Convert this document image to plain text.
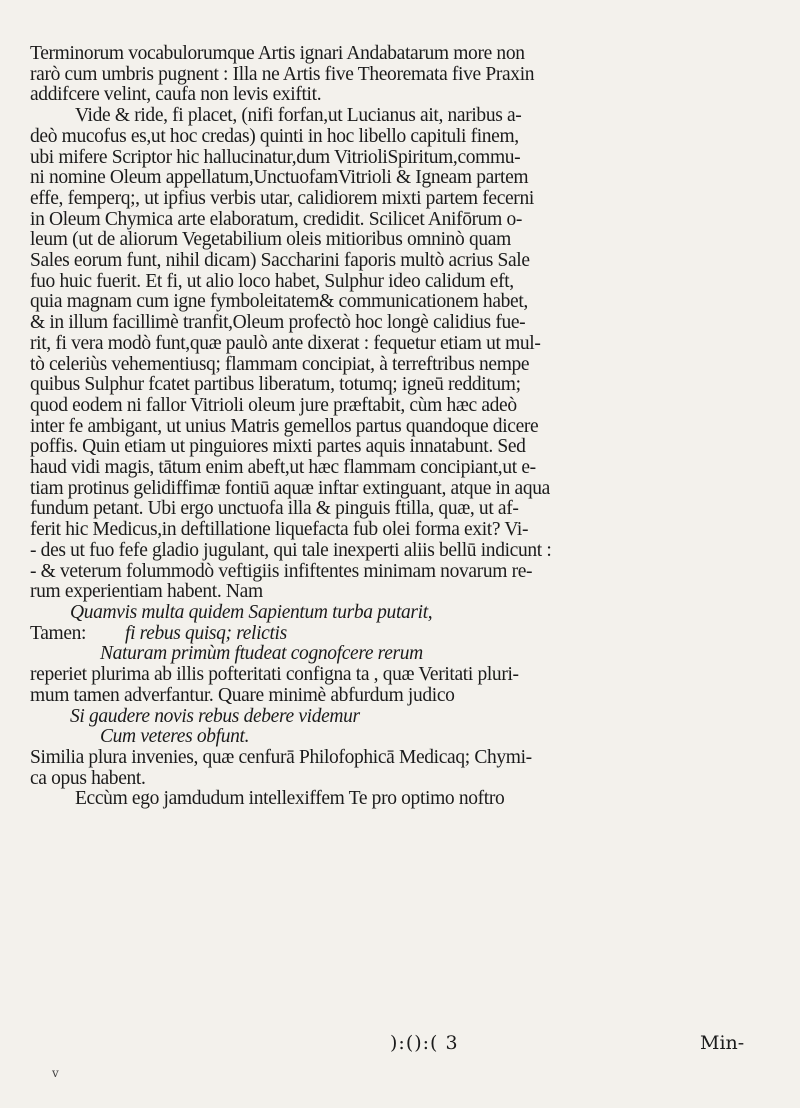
Terminorum vocabulorumque Artis ignari Andabatarum more non
rarò cum umbris pugnent : Illa ne Artis five Theoremata five Praxin
addifcere velint, caufa non levis exiftit.
Vide & ride, fi placet, (nifi forfan,ut Lucianus ait, naribus a-
deò mucofus es,ut hoc credas) quinti in hoc libello capituli finem,
ubi mifere Scriptor hic hallucinatur,dum VitrioliSpiritum,commu-
ni nomine Oleum appellatum,UnctuofamVitrioli & Igneam partem
effe, femperq;, ut ipfius verbis utar, calidiorem mixti partem fecerni
in Oleum Chymica arte elaboratum, credidit. Scilicet Anifōrum o-
leum (ut de aliorum Vegetabilium oleis mitioribus omninò quam
Sales eorum funt, nihil dicam) Saccharini faporis multò acrius Sale
fuo huic fuerit. Et fi, ut alio loco habet, Sulphur ideo calidum eft,
quia magnam cum igne fymboleitatem& communicationem habet,
& in illum facillimè tranfit,Oleum profectò hoc longè calidius fue-
rit, fi vera modò funt,quæ paulò ante dixerat : fequetur etiam ut mul-
tò celeriùs vehementiusq; flammam concipiat, à terreftribus nempe
quibus Sulphur fcatet partibus liberatum, totumq; igneū redditum;
quod eodem ni fallor Vitrioli oleum jure præftabit, cùm hæc adeò
inter fe ambigant, ut unius Matris gemellos partus quandoque dicere
poffis. Quin etiam ut pinguiores mixti partes aquis innatabunt. Sed
haud vidi magis, tātum enim abeft,ut hæc flammam concipiant,ut e-
tiam protinus gelidiffimæ fontiū aquæ inftar extinguant, atque in aqua
fundum petant. Ubi ergo unctuofa illa & pinguis ftilla, quæ, ut af-
ferit hic Medicus,in deftillatione liquefacta fub olei forma exit? Vi-
- des ut fuo fefe gladio jugulant, qui tale inexperti aliis bellū indicunt :
- & veterum folummodò veftigiis infiftentes minimam novarum re-
rum experientiam habent. Nam
Quamvis multa quidem Sapientum turba putarit,
Tamen: fi rebus quisq; relictis
Naturam primùm ftudeat cognofcere rerum
reperiet plurima ab illis pofteritati configna ta , quæ Veritati pluri-
mum tamen adverfantur. Quare minimè abfurdum judico
Si gaudere novis rebus debere videmur
Cum veteres obfunt.
Similia plura invenies, quæ cenfurā Philofophicā Medicaq; Chymi-
ca opus habent.
Eccùm ego jamdudum intellexiffem Te pro optimo noftro
):():( 3	Min-
v
